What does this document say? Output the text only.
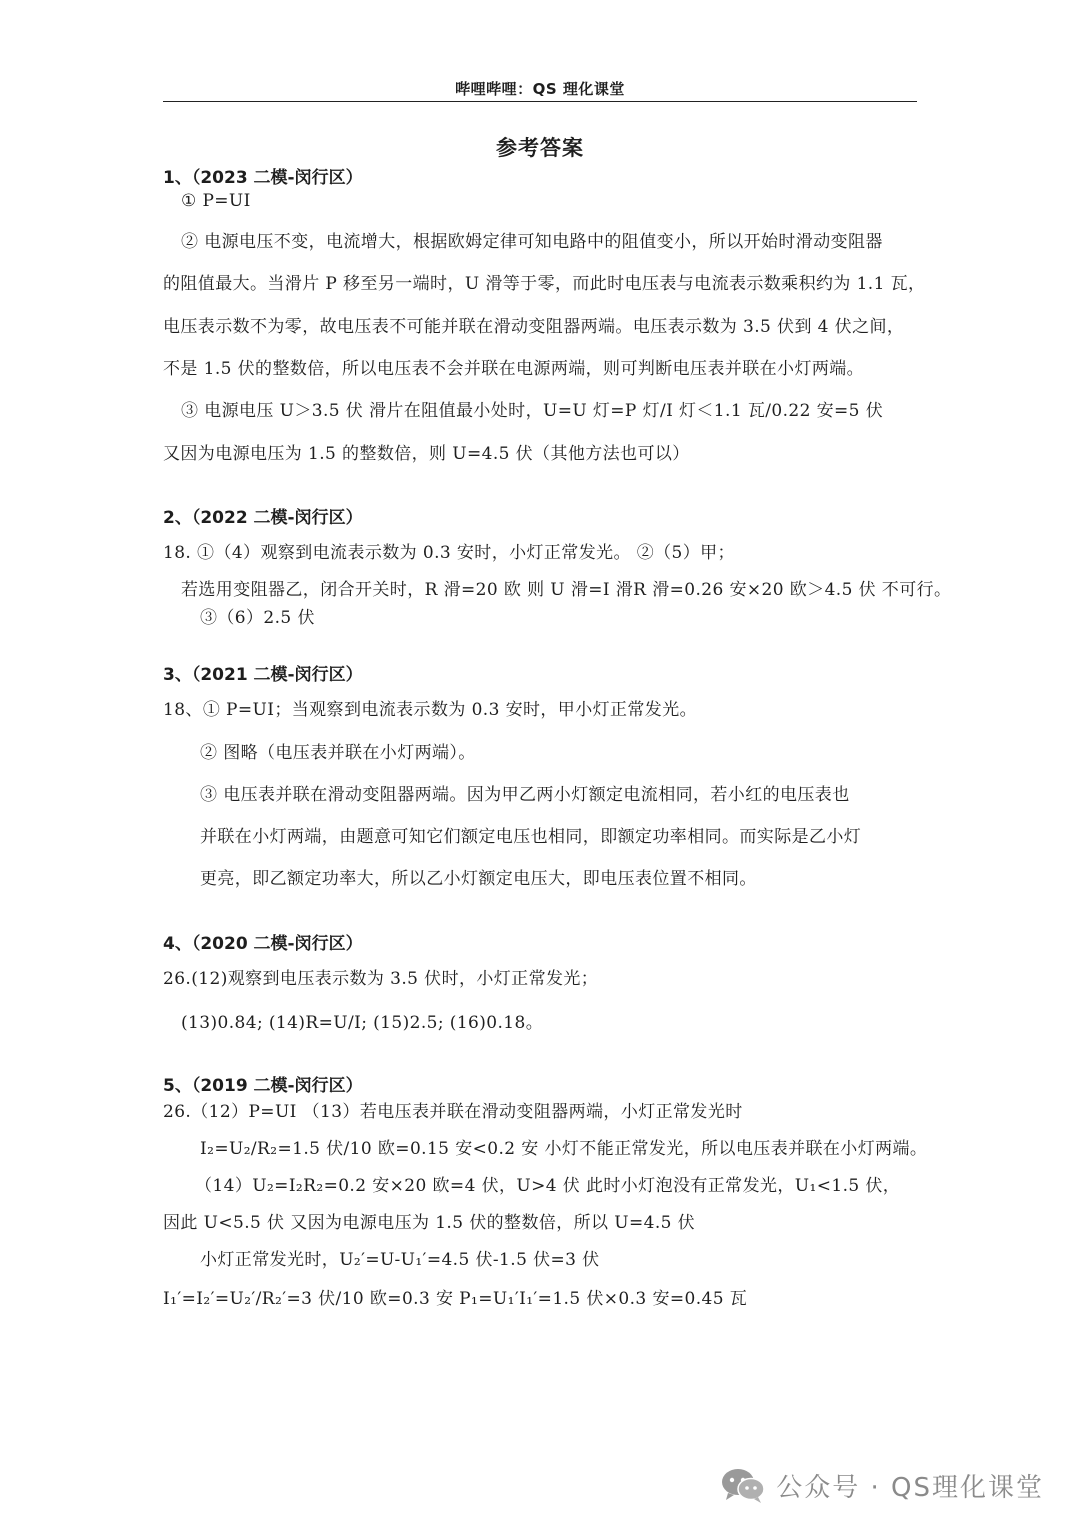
哔哩哔哩：QS 理化课堂
参考答案
1、（2023 二模-闵行区）
① P=UI
② 电源电压不变，电流增大，根据欧姆定律可知电路中的阻值变小，所以开始时滑动变阻器
的阻值最大。当滑片 P 移至另一端时，U 滑等于零，而此时电压表与电流表示数乘积约为 1.1 瓦，
电压表示数不为零，故电压表不可能并联在滑动变阻器两端。电压表示数为 3.5 伏到 4 伏之间，
不是 1.5 伏的整数倍，所以电压表不会并联在电源两端，则可判断电压表并联在小灯两端。
③ 电源电压 U＞3.5 伏 滑片在阻值最小处时，U=U 灯=P 灯/I 灯＜1.1 瓦/0.22 安=5 伏
又因为电源电压为 1.5 的整数倍，则 U=4.5 伏（其他方法也可以）
2、（2022 二模-闵行区）
18. ①（4）观察到电流表示数为 0.3 安时，小灯正常发光。 ②（5）甲；
若选用变阻器乙，闭合开关时，R 滑=20 欧 则 U 滑=I 滑R 滑=0.26 安×20 欧＞4.5 伏 不可行。
③（6）2.5 伏
3、（2021 二模-闵行区）
18、① P=UI；当观察到电流表示数为 0.3 安时，甲小灯正常发光。
② 图略（电压表并联在小灯两端）。
③ 电压表并联在滑动变阻器两端。因为甲乙两小灯额定电流相同，若小红的电压表也
并联在小灯两端，由题意可知它们额定电压也相同，即额定功率相同。而实际是乙小灯
更亮，即乙额定功率大，所以乙小灯额定电压大，即电压表位置不相同。
4、（2020 二模-闵行区）
26.(12)观察到电压表示数为 3.5 伏时，小灯正常发光；
(13)0.84; (14)R=U/I; (15)2.5; (16)0.18。
5、（2019 二模-闵行区）
26.（12）P=UI （13）若电压表并联在滑动变阻器两端，小灯正常发光时
I₂=U₂/R₂=1.5 伏/10 欧=0.15 安<0.2 安 小灯不能正常发光，所以电压表并联在小灯两端。
（14）U₂=I₂R₂=0.2 安×20 欧=4 伏，U>4 伏 此时小灯泡没有正常发光，U₁<1.5 伏，
因此 U<5.5 伏 又因为电源电压为 1.5 伏的整数倍，所以 U=4.5 伏
小灯正常发光时，U₂′=U-U₁′=4.5 伏-1.5 伏=3 伏
I₁′=I₂′=U₂′/R₂′=3 伏/10 欧=0.3 安 P₁=U₁′I₁′=1.5 伏×0.3 安=0.45 瓦
公众号 · QS理化课堂
